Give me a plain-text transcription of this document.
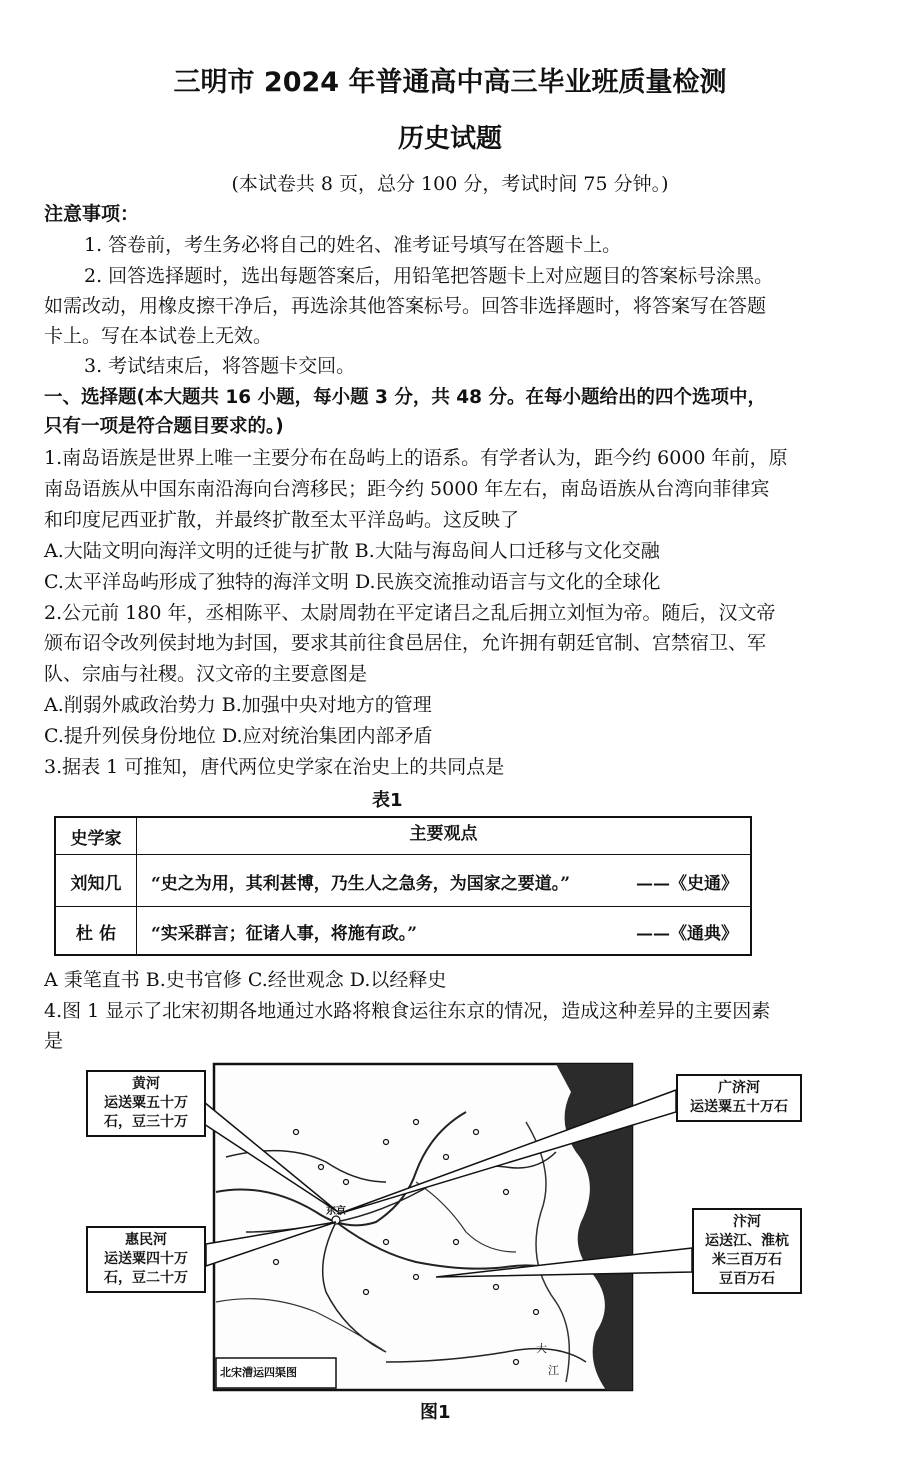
三明市 2024 年普通高中高三毕业班质量检测
历史试题
(本试卷共 8 页，总分 100 分，考试时间 75 分钟。)
注意事项：
1. 答卷前，考生务必将自己的姓名、准考证号填写在答题卡上。
2. 回答选择题时，选出每题答案后，用铅笔把答题卡上对应题目的答案标号涂黑。
如需改动，用橡皮擦干净后，再选涂其他答案标号。回答非选择题时，将答案写在答题
卡上。写在本试卷上无效。
3. 考试结束后，将答题卡交回。
一、选择题(本大题共 16 小题，每小题 3 分，共 48 分。在每小题给出的四个选项中，
只有一项是符合题目要求的。)
1.南岛语族是世界上唯一主要分布在岛屿上的语系。有学者认为，距今约 6000 年前，原
南岛语族从中国东南沿海向台湾移民；距今约 5000 年左右，南岛语族从台湾向菲律宾
和印度尼西亚扩散，并最终扩散至太平洋岛屿。这反映了
A.大陆文明向海洋文明的迁徙与扩散 B.大陆与海岛间人口迁移与文化交融
C.太平洋岛屿形成了独特的海洋文明 D.民族交流推动语言与文化的全球化
2.公元前 180 年，丞相陈平、太尉周勃在平定诸吕之乱后拥立刘恒为帝。随后，汉文帝
颁布诏令改列侯封地为封国，要求其前往食邑居住，允许拥有朝廷官制、宫禁宿卫、军
队、宗庙与社稷。汉文帝的主要意图是
A.削弱外戚政治势力 B.加强中央对地方的管理
C.提升列侯身份地位 D.应对统治集团内部矛盾
3.据表 1 可推知，唐代两位史学家在治史上的共同点是
表1
史学家	主要观点
刘知几	“史之为用，其利甚博，乃生人之急务，为国家之要道。”	——《史通》
杜 佑	“实采群言；征诸人事，将施有政。”	——《通典》
A 秉笔直书 B.史书官修 C.经世观念 D.以经释史
4.图 1 显示了北宋初期各地通过水路将粮食运往东京的情况，造成这种差异的主要因素
是
东京
大
江
北宋漕运四渠图
黄河
运送粟五十万
石，豆三十万
广济河
运送粟五十万石
惠民河
运送粟四十万
石，豆二十万
汴河
运送江、淮杭
米三百万石
豆百万石
图1
